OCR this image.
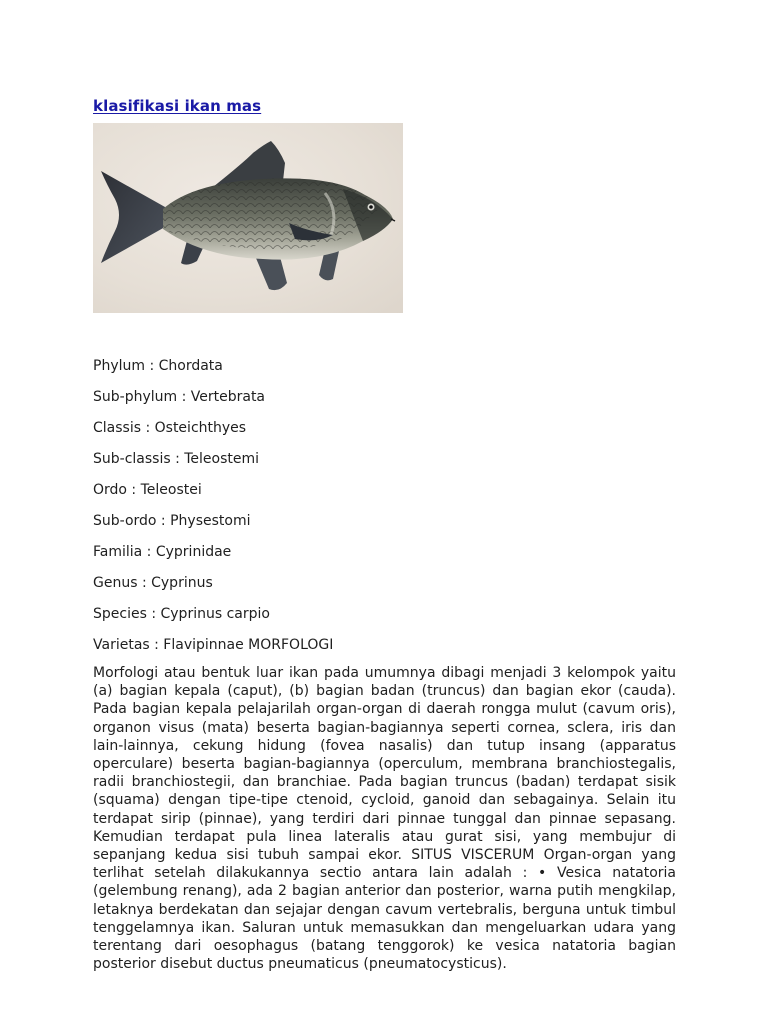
klasifikasi ikan mas
Phylum : Chordata
Sub-phylum : Vertebrata
Classis : Osteichthyes
Sub-classis : Teleostemi
Ordo : Teleostei
Sub-ordo : Physestomi
Familia : Cyprinidae
Genus : Cyprinus
Species : Cyprinus carpio
Varietas : Flavipinnae MORFOLOGI

Morfologi atau bentuk luar ikan pada umumnya dibagi menjadi 3 kelompok yaitu (a) bagian kepala (caput), (b) bagian badan (truncus) dan bagian ekor (cauda). Pada bagian kepala pelajarilah organ-organ di daerah rongga mulut (cavum oris), organon visus (mata) beserta bagian-bagiannya seperti cornea, sclera, iris dan lain-lainnya, cekung hidung (fovea nasalis) dan tutup insang (apparatus operculare) beserta bagian-bagiannya (operculum, membrana branchiostegalis, radii branchiostegii, dan branchiae. Pada bagian truncus (badan) terdapat sisik (squama) dengan tipe-tipe ctenoid, cycloid, ganoid dan sebagainya. Selain itu terdapat sirip (pinnae), yang terdiri dari pinnae tunggal dan pinnae sepasang. Kemudian terdapat pula linea lateralis atau gurat sisi, yang membujur di sepanjang kedua sisi tubuh sampai ekor. SITUS VISCERUM Organ-organ yang terlihat setelah dilakukannya sectio antara lain adalah : • Vesica natatoria (gelembung renang), ada 2 bagian anterior dan posterior, warna putih mengkilap, letaknya berdekatan dan sejajar dengan cavum vertebralis, berguna untuk timbul tenggelamnya ikan. Saluran untuk memasukkan dan mengeluarkan udara yang terentang dari oesophagus (batang tenggorok) ke vesica natatoria bagian posterior disebut ductus pneumaticus (pneumatocysticus).
